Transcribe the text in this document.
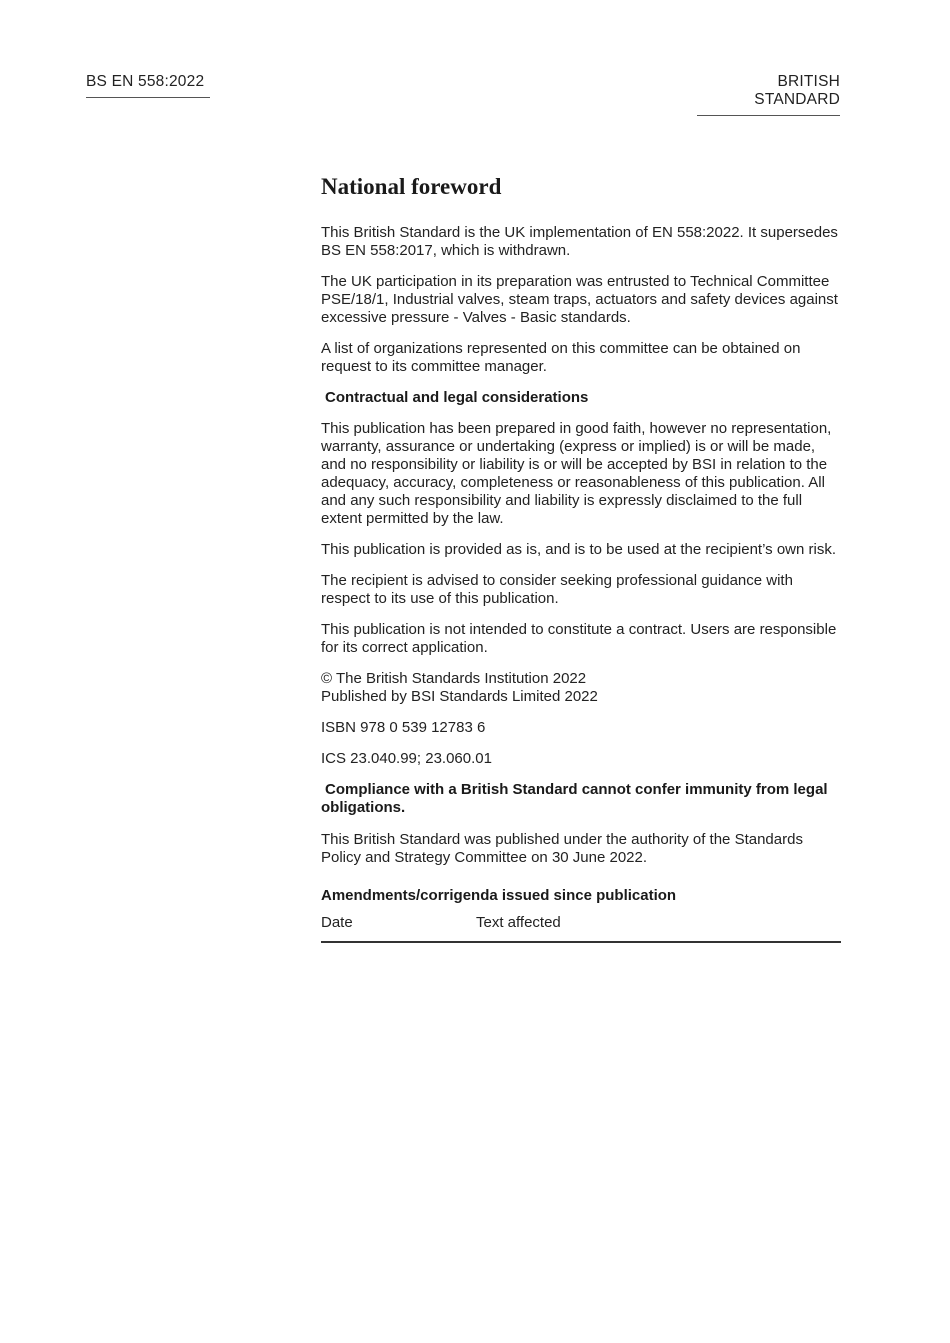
BS EN 558:2022	BRITISH STANDARD
National foreword

This British Standard is the UK implementation of EN 558:2022. It supersedes BS EN 558:2017, which is withdrawn.

The UK participation in its preparation was entrusted to Technical Committee PSE/18/1, Industrial valves, steam traps, actuators and safety devices against excessive pressure - Valves - Basic standards.

A list of organizations represented on this committee can be obtained on request to its committee manager.

Contractual and legal considerations

This publication has been prepared in good faith, however no representation, warranty, assurance or undertaking (express or implied) is or will be made, and no responsibility or liability is or will be accepted by BSI in relation to the adequacy, accuracy, completeness or reasonableness of this publication. All and any such responsibility and liability is expressly disclaimed to the full extent permitted by the law.

This publication is provided as is, and is to be used at the recipient’s own risk.

The recipient is advised to consider seeking professional guidance with respect to its use of this publication.

This publication is not intended to constitute a contract. Users are responsible for its correct application.

© The British Standards Institution 2022
Published by BSI Standards Limited 2022

ISBN 978 0 539 12783 6

ICS 23.040.99; 23.060.01

Compliance with a British Standard cannot confer immunity from legal obligations.

This British Standard was published under the authority of the Standards Policy and Strategy Committee on 30 June 2022.

Amendments/corrigenda issued since publication
Date	Text affected
